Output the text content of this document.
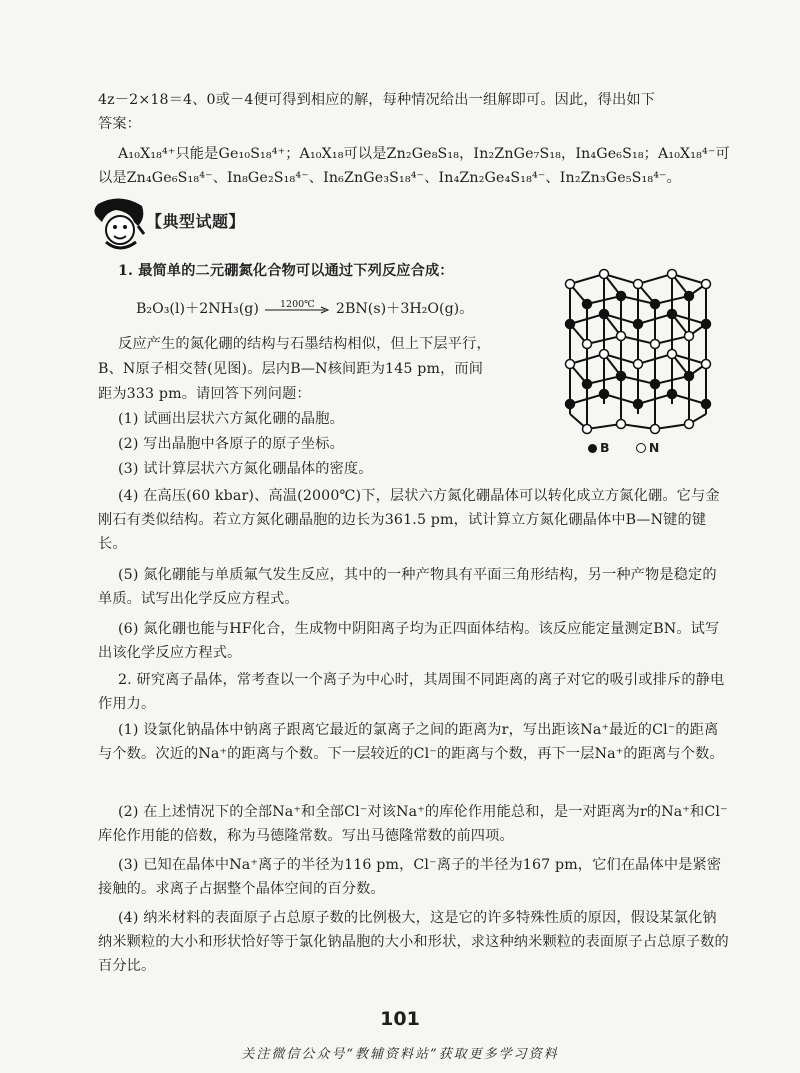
4z－2×18＝4、0或－4便可得到相应的解，每种情况给出一组解即可。因此，得出如下

答案：

A₁₀X₁₈⁴⁺只能是Ge₁₀S₁₈⁴⁺；A₁₀X₁₈可以是Zn₂Ge₈S₁₈，In₂ZnGe₇S₁₈，In₄Ge₆S₁₈；A₁₀X₁₈⁴⁻可

以是Zn₄Ge₆S₁₈⁴⁻、In₈Ge₂S₁₈⁴⁻、In₆ZnGe₃S₁₈⁴⁻、In₄Zn₂Ge₄S₁₈⁴⁻、In₂Zn₃Ge₅S₁₈⁴⁻。

【典型试题】

1. 最简单的二元硼氮化合物可以通过下列反应合成：

B₂O₃(l)＋2NH₃(g)	1200℃	2BN(s)＋3H₂O(g)。

反应产生的氮化硼的结构与石墨结构相似，但上下层平行，

B、N原子相交替(见图)。层内B—N核间距为145 pm，而间

距为333 pm。请回答下列问题：

(1) 试画出层状六方氮化硼的晶胞。

(2) 写出晶胞中各原子的原子坐标。

(3) 试计算层状六方氮化硼晶体的密度。

B	N

(4) 在高压(60 kbar)、高温(2000℃)下，层状六方氮化硼晶体可以转化成立方氮化硼。它与金刚石有类似结构。若立方氮化硼晶胞的边长为361.5 pm，试计算立方氮化硼晶体中B—N键的键长。

(5) 氮化硼能与单质氟气发生反应，其中的一种产物具有平面三角形结构，另一种产物是稳定的单质。试写出化学反应方程式。

(6) 氮化硼也能与HF化合，生成物中阴阳离子均为正四面体结构。该反应能定量测定BN。试写出该化学反应方程式。

2. 研究离子晶体，常考查以一个离子为中心时，其周围不同距离的离子对它的吸引或排斥的静电作用力。

(1) 设氯化钠晶体中钠离子跟离它最近的氯离子之间的距离为r，写出距该Na⁺最近的Cl⁻的距离与个数。次近的Na⁺的距离与个数。下一层较近的Cl⁻的距离与个数，再下一层Na⁺的距离与个数。

(2) 在上述情况下的全部Na⁺和全部Cl⁻对该Na⁺的库伦作用能总和，是一对距离为r的Na⁺和Cl⁻库伦作用能的倍数，称为马德隆常数。写出马德隆常数的前四项。

(3) 已知在晶体中Na⁺离子的半径为116 pm，Cl⁻离子的半径为167 pm，它们在晶体中是紧密接触的。求离子占据整个晶体空间的百分数。

(4) 纳米材料的表面原子占总原子数的比例极大，这是它的许多特殊性质的原因，假设某氯化钠纳米颗粒的大小和形状恰好等于氯化钠晶胞的大小和形状，求这种纳米颗粒的表面原子占总原子数的百分比。

101
关注微信公众号“教辅资料站”获取更多学习资料
